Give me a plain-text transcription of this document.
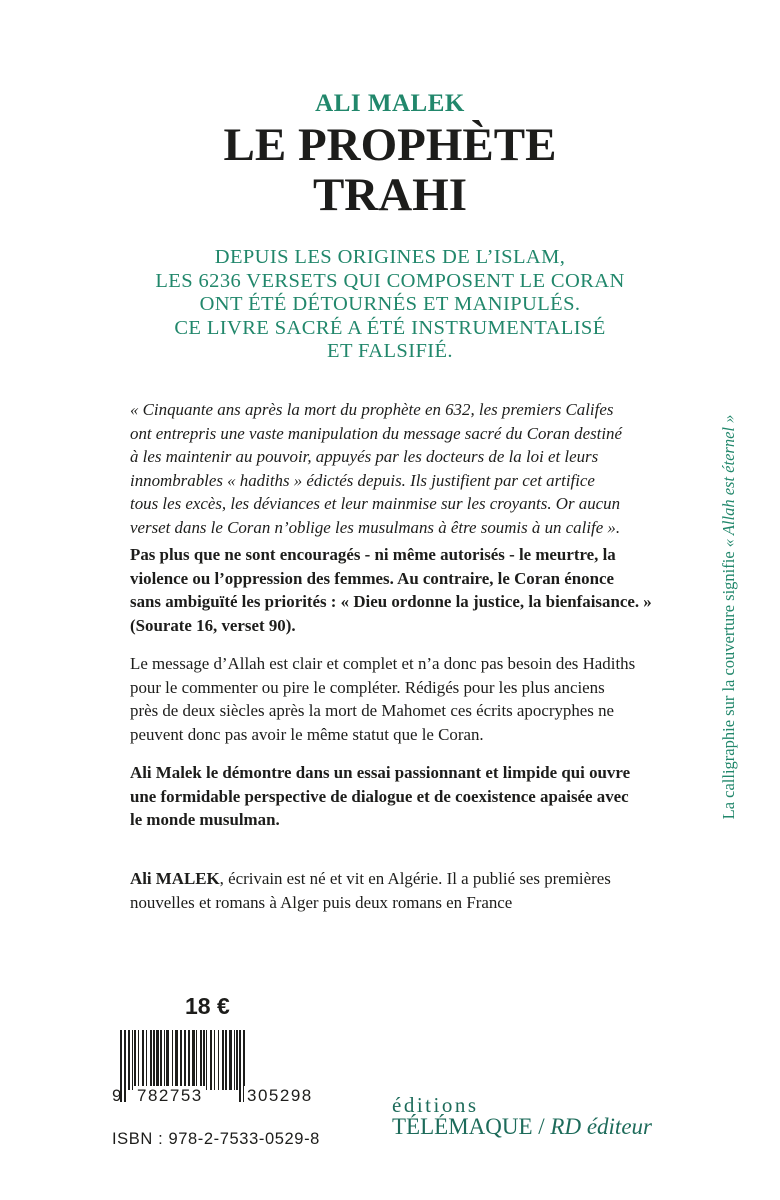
ALI MALEK
LE PROPHÈTE
TRAHI
DEPUIS LES ORIGINES DE L’ISLAM,
LES 6236 VERSETS QUI COMPOSENT LE CORAN
ONT ÉTÉ DÉTOURNÉS ET MANIPULÉS.
CE LIVRE SACRÉ A ÉTÉ INSTRUMENTALISÉ
ET FALSIFIÉ.
« Cinquante ans après la mort du prophète en 632, les premiers Califes
ont entrepris une vaste manipulation du message sacré du Coran destiné
à les maintenir au pouvoir, appuyés par les docteurs de la loi et leurs
innombrables « hadiths » édictés depuis. Ils justifient par cet artifice
tous les excès, les déviances et leur mainmise sur les croyants. Or aucun
verset dans le Coran n’oblige les musulmans à être soumis à un calife ».
Pas plus que ne sont encouragés - ni même autorisés - le meurtre, la
violence ou l’oppression des femmes. Au contraire, le Coran énonce
sans ambiguïté les priorités : « Dieu ordonne la justice, la bienfaisance. »
(Sourate 16, verset 90).
Le message d’Allah est clair et complet et n’a donc pas besoin des Hadiths
pour le commenter ou pire le compléter. Rédigés pour les plus anciens
près de deux siècles après la mort de Mahomet ces écrits apocryphes ne
peuvent donc pas avoir le même statut que le Coran.
Ali Malek le démontre dans un essai passionnant et limpide qui ouvre
une formidable perspective de dialogue et de coexistence apaisée avec
le monde musulman.
Ali MALEK, écrivain est né et vit en Algérie. Il a publié ses premières
nouvelles et romans à Alger puis deux romans en France
18 €
9 782753	305298
ISBN : 978-2-7533-0529-8
éditions
TÉLÉMAQUE / RD éditeur
La calligraphie sur la couverture signifie « Allah est éternel »
